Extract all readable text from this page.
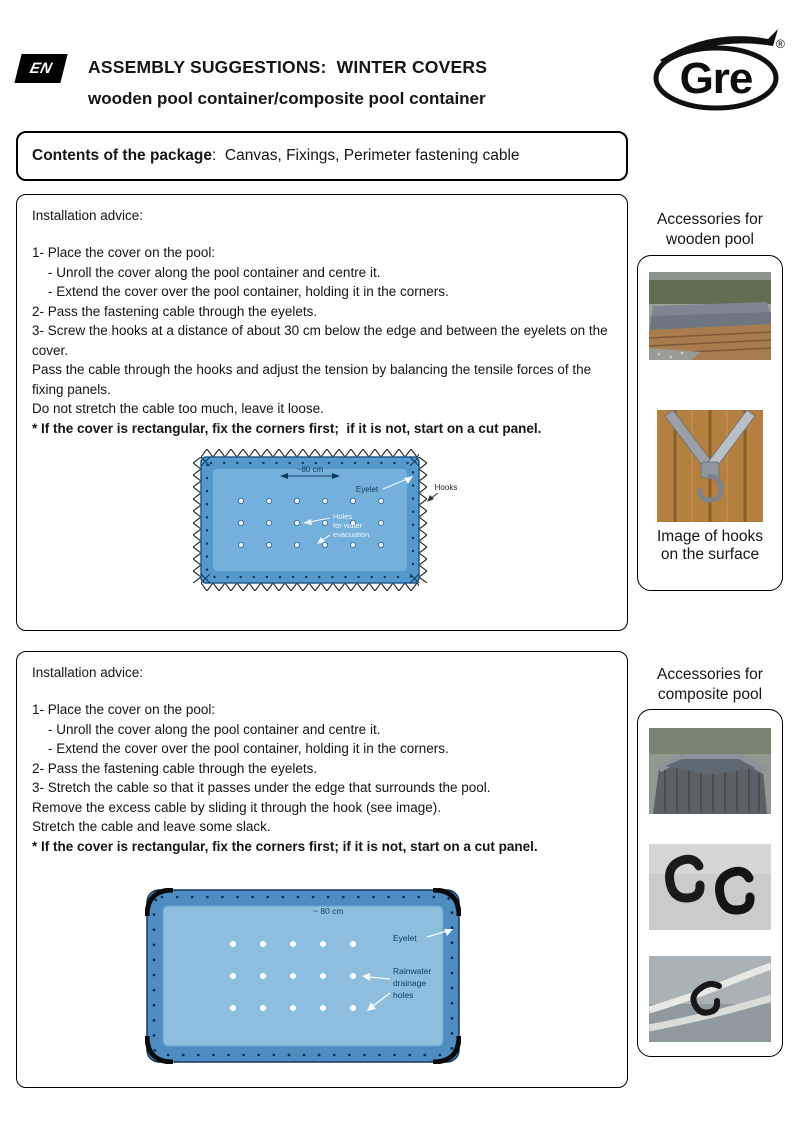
EN ASSEMBLY SUGGESTIONS:  WINTER COVERS
wooden pool container/composite pool container	Gre
®
Contents of the package :  Canvas, Fixings, Perimeter fastening cable
Installation advice:
1- Place the cover on the pool:
- Unroll the cover along the pool container and centre it.
- Extend the cover over the pool container, holding it in the corners.
2- Pass the fastening cable through the eyelets.
3- Screw the hooks at a distance of about 30 cm below the edge and between the eyelets on the cover.
Pass the cable through the hooks and adjust the tension by balancing the tensile forces of the fixing panels.
Do not stretch the cable too much, leave it loose.
* If the cover is rectangular, fix the corners first;  if it is not, start on a cut panel.
~80 cm
Eyelet	Hooks
Holes
for water
evacuation
Accessories for wooden pool
Image of hooks on the surface
Installation advice:
1- Place the cover on the pool:
- Unroll the cover along the pool container and centre it.
- Extend the cover over the pool container, holding it in the corners.
2- Pass the fastening cable through the eyelets.
3- Stretch the cable so that it passes under the edge that surrounds the pool.
Remove the excess cable by sliding it through the hook (see image).
Stretch the cable and leave some slack.
* If the cover is rectangular, fix the corners first; if it is not, start on a cut panel.
~ 80 cm
Eyelet
Rainwater
drainage
holes
Accessories for composite pool
